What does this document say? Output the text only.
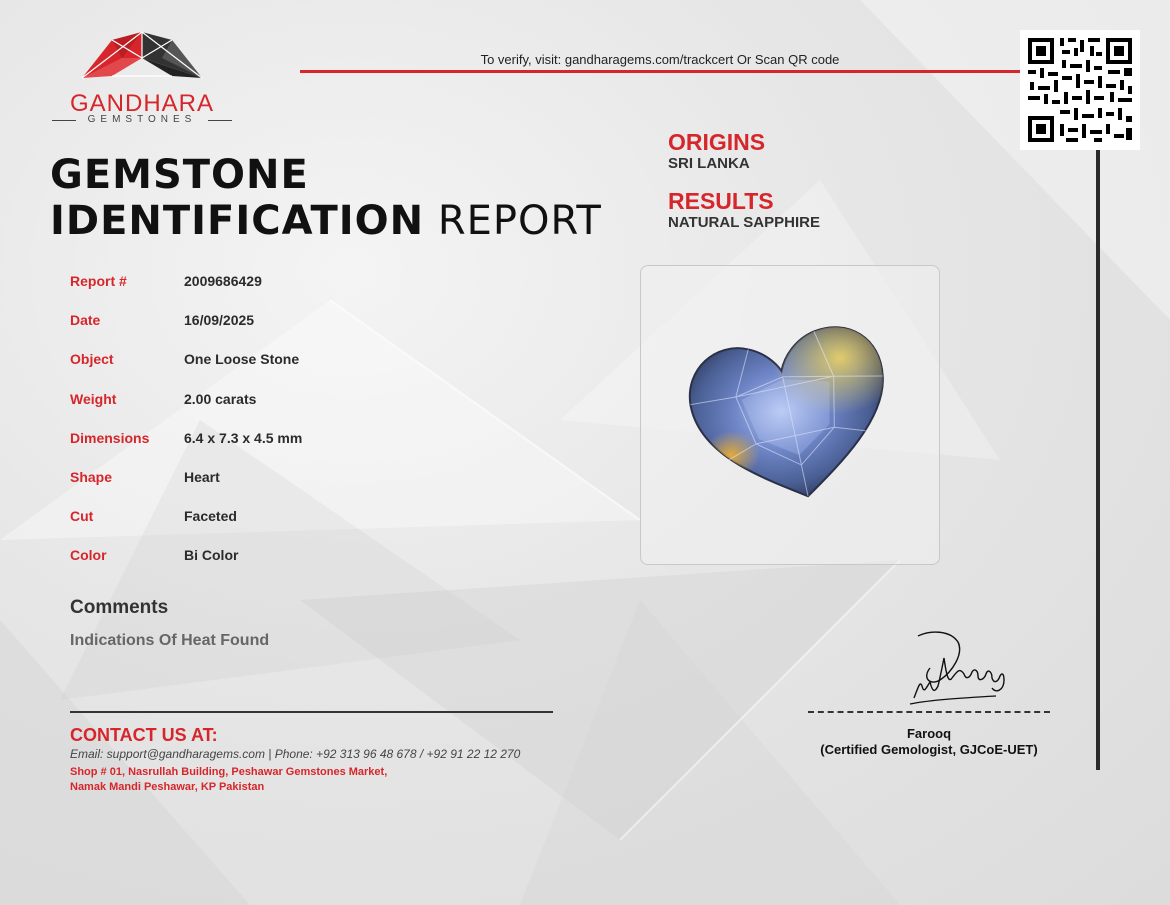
GANDHARA
GEMSTONES
GEMSTONE
IDENTIFICATION REPORT
To verify, visit: gandharagems.com/trackcert Or Scan QR code
ORIGINS
SRI LANKA
RESULTS
NATURAL SAPPHIRE
Report #	2009686429
Date	16/09/2025
Object	One Loose Stone
Weight	2.00 carats
Dimensions 6.4 x 7.3 x 4.5 mm
Shape	Heart
Cut	Faceted
Color	Bi Color
Comments
Indications Of Heat Found
CONTACT US AT:
Email: support@gandharagems.com | Phone: +92 313 96 48 678 / +92 91 22 12 270
Shop # 01, Nasrullah Building, Peshawar Gemstones Market,
Namak Mandi Peshawar, KP Pakistan
Farooq
(Certified Gemologist, GJCoE-UET)
